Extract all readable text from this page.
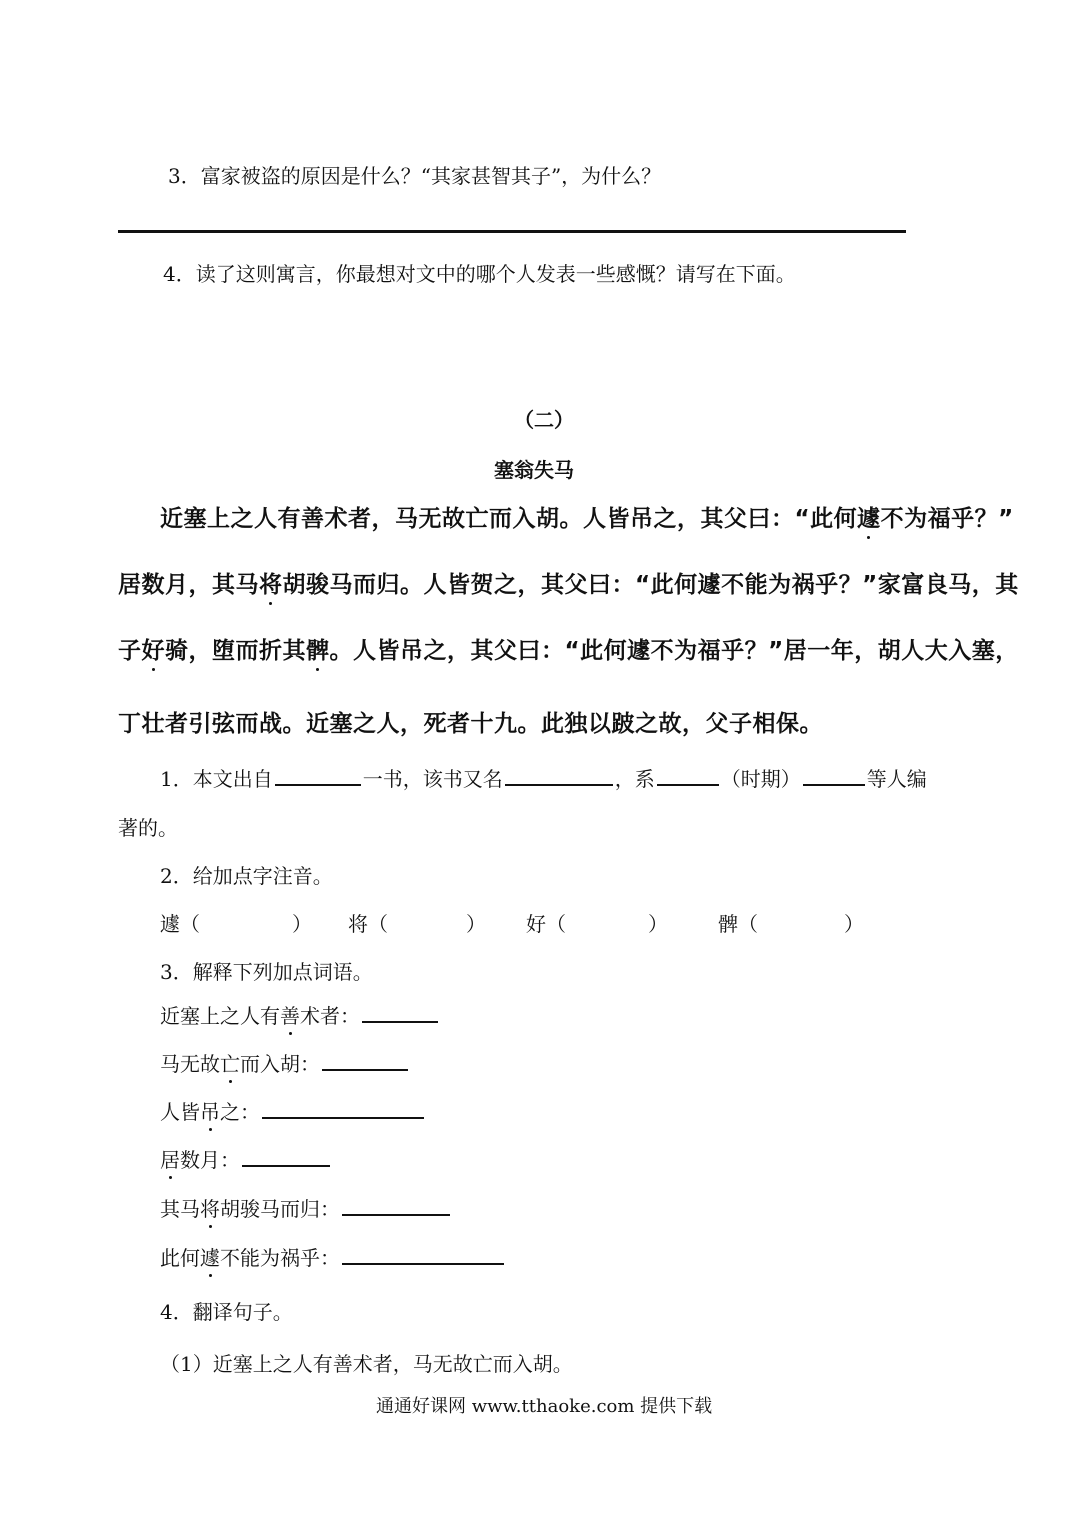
3．富家被盗的原因是什么？“其家甚智其子”，为什么？
4．读了这则寓言，你最想对文中的哪个人发表一些感慨？请写在下面。
（二）
塞翁失马
近塞上之人有善术者，马无故亡而入胡。人皆吊之，其父曰：“此何遽不为福乎？”
居数月，其马将胡骏马而归。人皆贺之，其父曰：“此何遽不能为祸乎？”家富良马，其
子好骑，堕而折其髀。人皆吊之，其父曰：“此何遽不为福乎？”居一年，胡人大入塞，
丁壮者引弦而战。近塞之人，死者十九。此独以跛之故，父子相保。
1．本文出自	一书，该书又名	，系	（时期）	等人编
著的。
2．给加点字注音。
遽（	） 将（	） 好（	）	髀（	）
3．解释下列加点词语。
近塞上之人有善术者：
马无故亡而入胡：
人皆吊之：
居数月：
其马将胡骏马而归：
此何遽不能为祸乎：
4．翻译句子。
（1）近塞上之人有善术者，马无故亡而入胡。
通通好课网 www.tthaoke.com 提供下载
